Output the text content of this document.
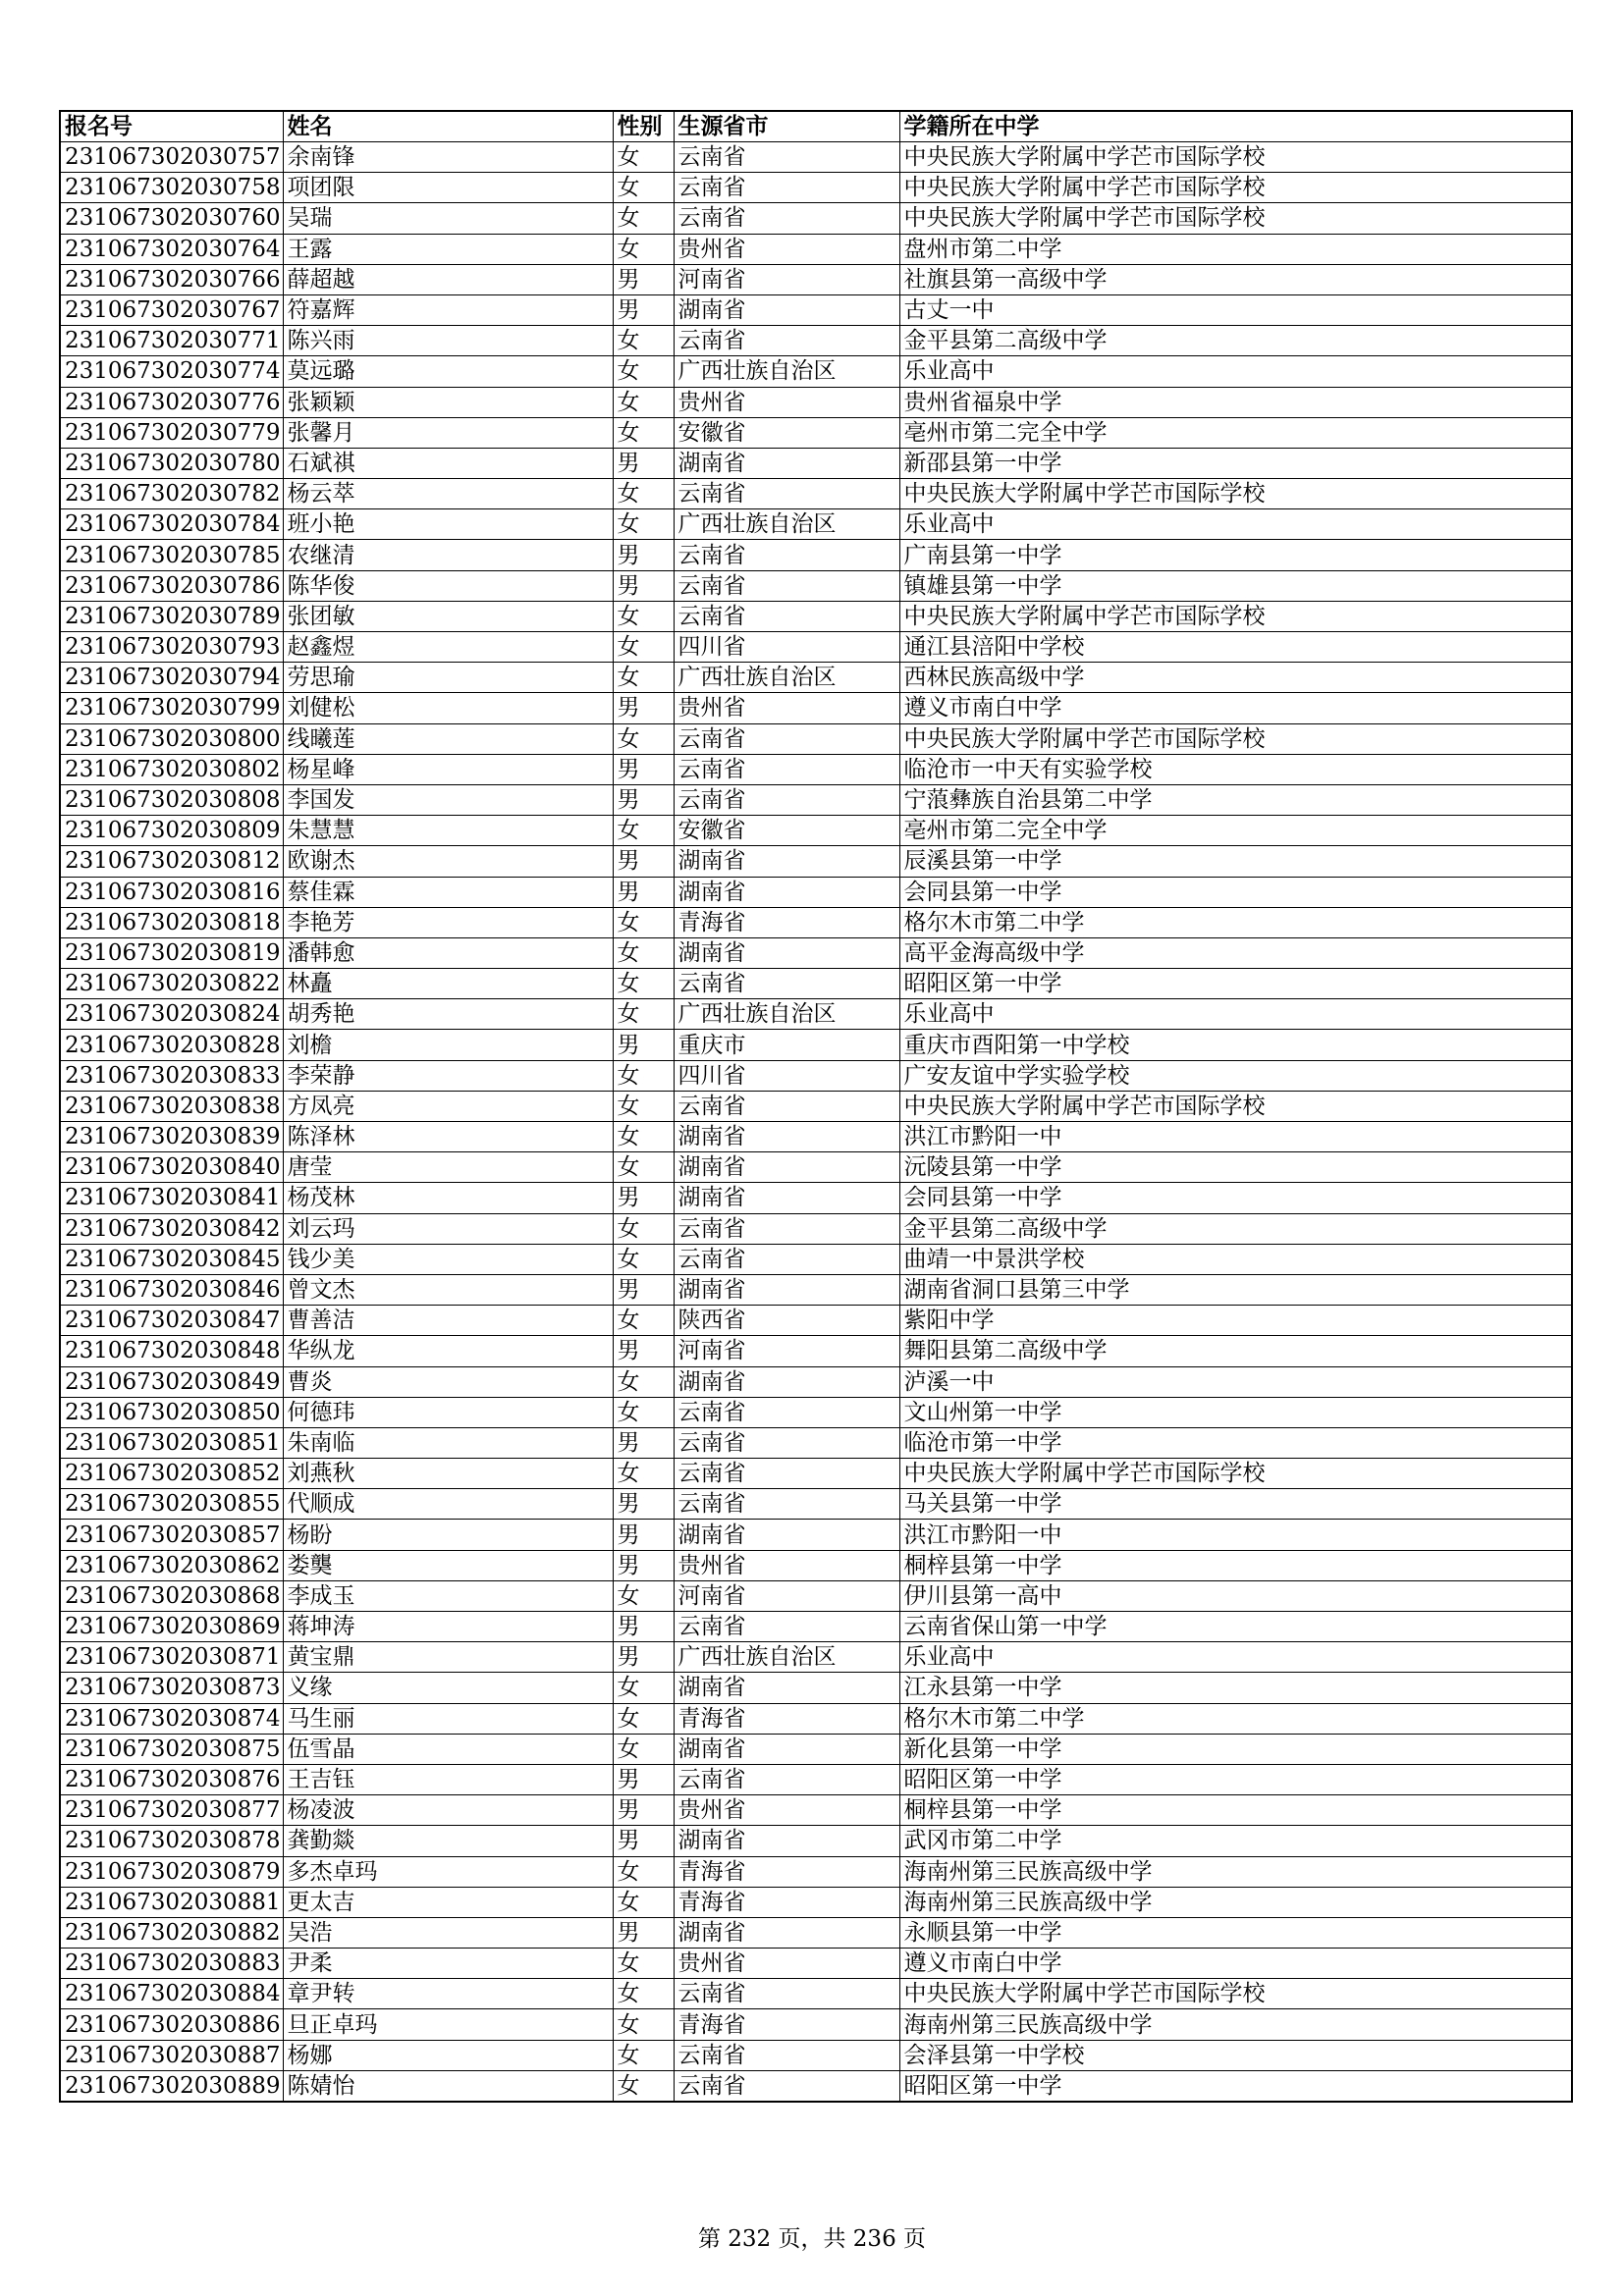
报名号	姓名	性别	生源省市	学籍所在中学
231067302030757	余南锋	女	云南省	中央民族大学附属中学芒市国际学校
231067302030758	项团限	女	云南省	中央民族大学附属中学芒市国际学校
231067302030760	吴瑞	女	云南省	中央民族大学附属中学芒市国际学校
231067302030764	王露	女	贵州省	盘州市第二中学
231067302030766	薛超越	男	河南省	社旗县第一高级中学
231067302030767	符嘉辉	男	湖南省	古丈一中
231067302030771	陈兴雨	女	云南省	金平县第二高级中学
231067302030774	莫远璐	女	广西壮族自治区	乐业高中
231067302030776	张颖颖	女	贵州省	贵州省福泉中学
231067302030779	张馨月	女	安徽省	亳州市第二完全中学
231067302030780	石斌祺	男	湖南省	新邵县第一中学
231067302030782	杨云萃	女	云南省	中央民族大学附属中学芒市国际学校
231067302030784	班小艳	女	广西壮族自治区	乐业高中
231067302030785	农继清	男	云南省	广南县第一中学
231067302030786	陈华俊	男	云南省	镇雄县第一中学
231067302030789	张团敏	女	云南省	中央民族大学附属中学芒市国际学校
231067302030793	赵鑫煜	女	四川省	通江县涪阳中学校
231067302030794	劳思瑜	女	广西壮族自治区	西林民族高级中学
231067302030799	刘健松	男	贵州省	遵义市南白中学
231067302030800	线曦莲	女	云南省	中央民族大学附属中学芒市国际学校
231067302030802	杨星峰	男	云南省	临沧市一中天有实验学校
231067302030808	李国发	男	云南省	宁蒗彝族自治县第二中学
231067302030809	朱慧慧	女	安徽省	亳州市第二完全中学
231067302030812	欧谢杰	男	湖南省	辰溪县第一中学
231067302030816	蔡佳霖	男	湖南省	会同县第一中学
231067302030818	李艳芳	女	青海省	格尔木市第二中学
231067302030819	潘韩愈	女	湖南省	高平金海高级中学
231067302030822	林矗	女	云南省	昭阳区第一中学
231067302030824	胡秀艳	女	广西壮族自治区	乐业高中
231067302030828	刘檐	男	重庆市	重庆市酉阳第一中学校
231067302030833	李荣静	女	四川省	广安友谊中学实验学校
231067302030838	方凤亮	女	云南省	中央民族大学附属中学芒市国际学校
231067302030839	陈泽林	女	湖南省	洪江市黔阳一中
231067302030840	唐莹	女	湖南省	沅陵县第一中学
231067302030841	杨茂林	男	湖南省	会同县第一中学
231067302030842	刘云玛	女	云南省	金平县第二高级中学
231067302030845	钱少美	女	云南省	曲靖一中景洪学校
231067302030846	曾文杰	男	湖南省	湖南省洞口县第三中学
231067302030847	曹善洁	女	陕西省	紫阳中学
231067302030848	华纵龙	男	河南省	舞阳县第二高级中学
231067302030849	曹炎	女	湖南省	泸溪一中
231067302030850	何德玮	女	云南省	文山州第一中学
231067302030851	朱南临	男	云南省	临沧市第一中学
231067302030852	刘燕秋	女	云南省	中央民族大学附属中学芒市国际学校
231067302030855	代顺成	男	云南省	马关县第一中学
231067302030857	杨盼	男	湖南省	洪江市黔阳一中
231067302030862	娄龑	男	贵州省	桐梓县第一中学
231067302030868	李成玉	女	河南省	伊川县第一高中
231067302030869	蒋坤涛	男	云南省	云南省保山第一中学
231067302030871	黄宝鼎	男	广西壮族自治区	乐业高中
231067302030873	义缘	女	湖南省	江永县第一中学
231067302030874	马生丽	女	青海省	格尔木市第二中学
231067302030875	伍雪晶	女	湖南省	新化县第一中学
231067302030876	王吉钰	男	云南省	昭阳区第一中学
231067302030877	杨凌波	男	贵州省	桐梓县第一中学
231067302030878	龚勤燚	男	湖南省	武冈市第二中学
231067302030879	多杰卓玛	女	青海省	海南州第三民族高级中学
231067302030881	更太吉	女	青海省	海南州第三民族高级中学
231067302030882	吴浩	男	湖南省	永顺县第一中学
231067302030883	尹柔	女	贵州省	遵义市南白中学
231067302030884	章尹转	女	云南省	中央民族大学附属中学芒市国际学校
231067302030886	旦正卓玛	女	青海省	海南州第三民族高级中学
231067302030887	杨娜	女	云南省	会泽县第一中学校
231067302030889	陈婧怡	女	云南省	昭阳区第一中学
第 232 页，共 236 页
